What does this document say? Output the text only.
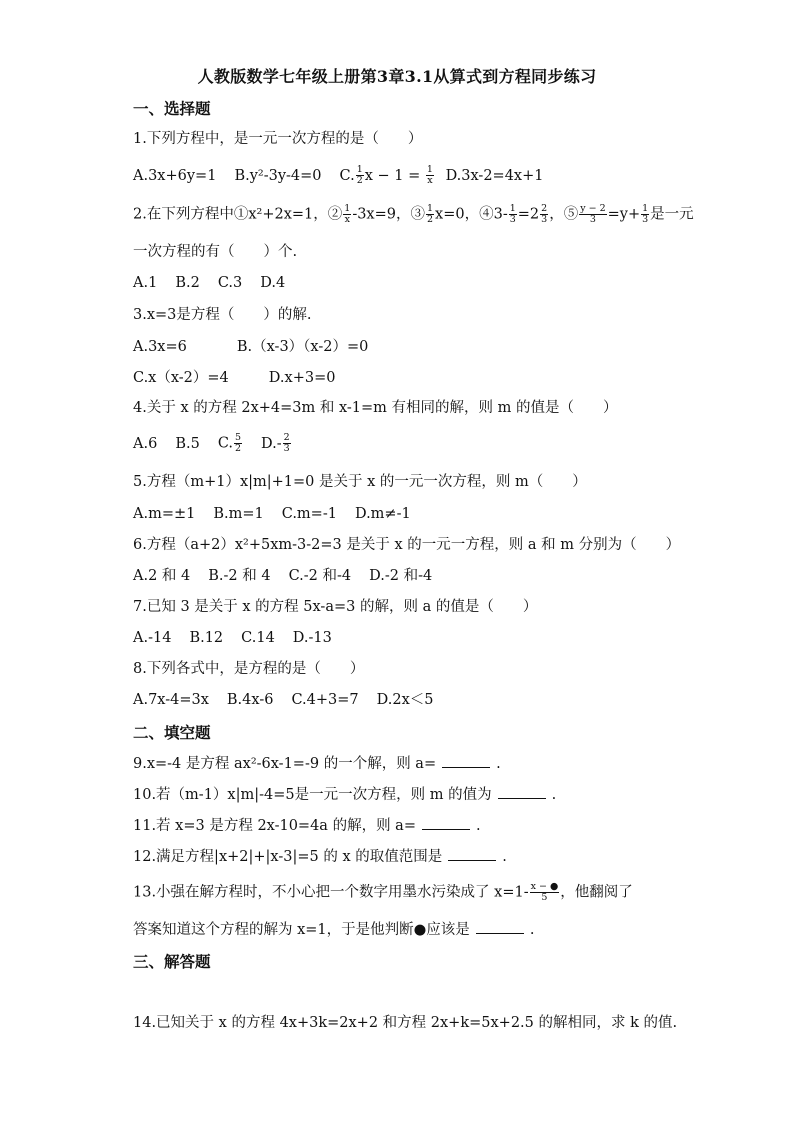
人教版数学七年级上册第3章3.1从算式到方程同步练习
一、选择题
1.下列方程中，是一元一次方程的是（　　）
A.3x+6y=1 B.y²-3y-4=0 C. $\frac{1}{2}$ $x - 1 = \frac{1}{x} D.3x-2=4x+1$
2.在下列方程中①x²+2x=1，② $\frac{1}{x} -3x=9$，③ $\frac{1}{2} x=0$，④3- $\frac{1}{3} =2 \frac{2}{3}$ ，⑤ $\frac{y - 2}{3} =y+ \frac{1}{3}$ 是一元
一次方程的有（　　）个.
A.1 B.2 C.3 D.4
3.x=3是方程（　　）的解.
A.3x=6	B.（x-3）（x-2）=0
C.x（x-2）=4	D.x+3=0
4.关于 x 的方程 2x+4=3m 和 x-1=m 有相同的解，则 m 的值是（　　）
A.6 B.5 C. $\frac{5}{2} D.- \frac{2}{3}$
5.方程（m+1）x|m|+1=0 是关于 x 的一元一次方程，则 m（　　）
A.m=±1 B.m=1 C.m=-1 D.m≠-1
6.方程（a+2）x²+5xm-3-2=3 是关于 x 的一元一方程，则 a 和 m 分别为（　　）
A.2 和 4 B.-2 和 4 C.-2 和-4 D.-2 和-4
7.已知 3 是关于 x 的方程 5x-a=3 的解，则 a 的值是（　　）
A.-14 B.12 C.14 D.-13
8.下列各式中，是方程的是（　　）
A.7x-4=3x B.4x-6 C.4+3=7 D.2x＜5
二、填空题
9.x=-4 是方程 ax²-6x-1=-9 的一个解，则 a=	.
10.若（m-1）x|m|-4=5是一元一次方程，则 m 的值为	.
11.若 x=3 是方程 2x-10=4a 的解，则 a=	.
12.满足方程|x+2|+|x-3|=5 的 x 的取值范围是	.
13.小强在解方程时，不小心把一个数字用墨水污染成了 $x=1- \frac{x - ●}{5}$ ，他翻阅了
答案知道这个方程的解为 x=1，于是他判断●应该是	.
三、解答题
14.已知关于 x 的方程 4x+3k=2x+2 和方程 2x+k=5x+2.5 的解相同，求 k 的值.
